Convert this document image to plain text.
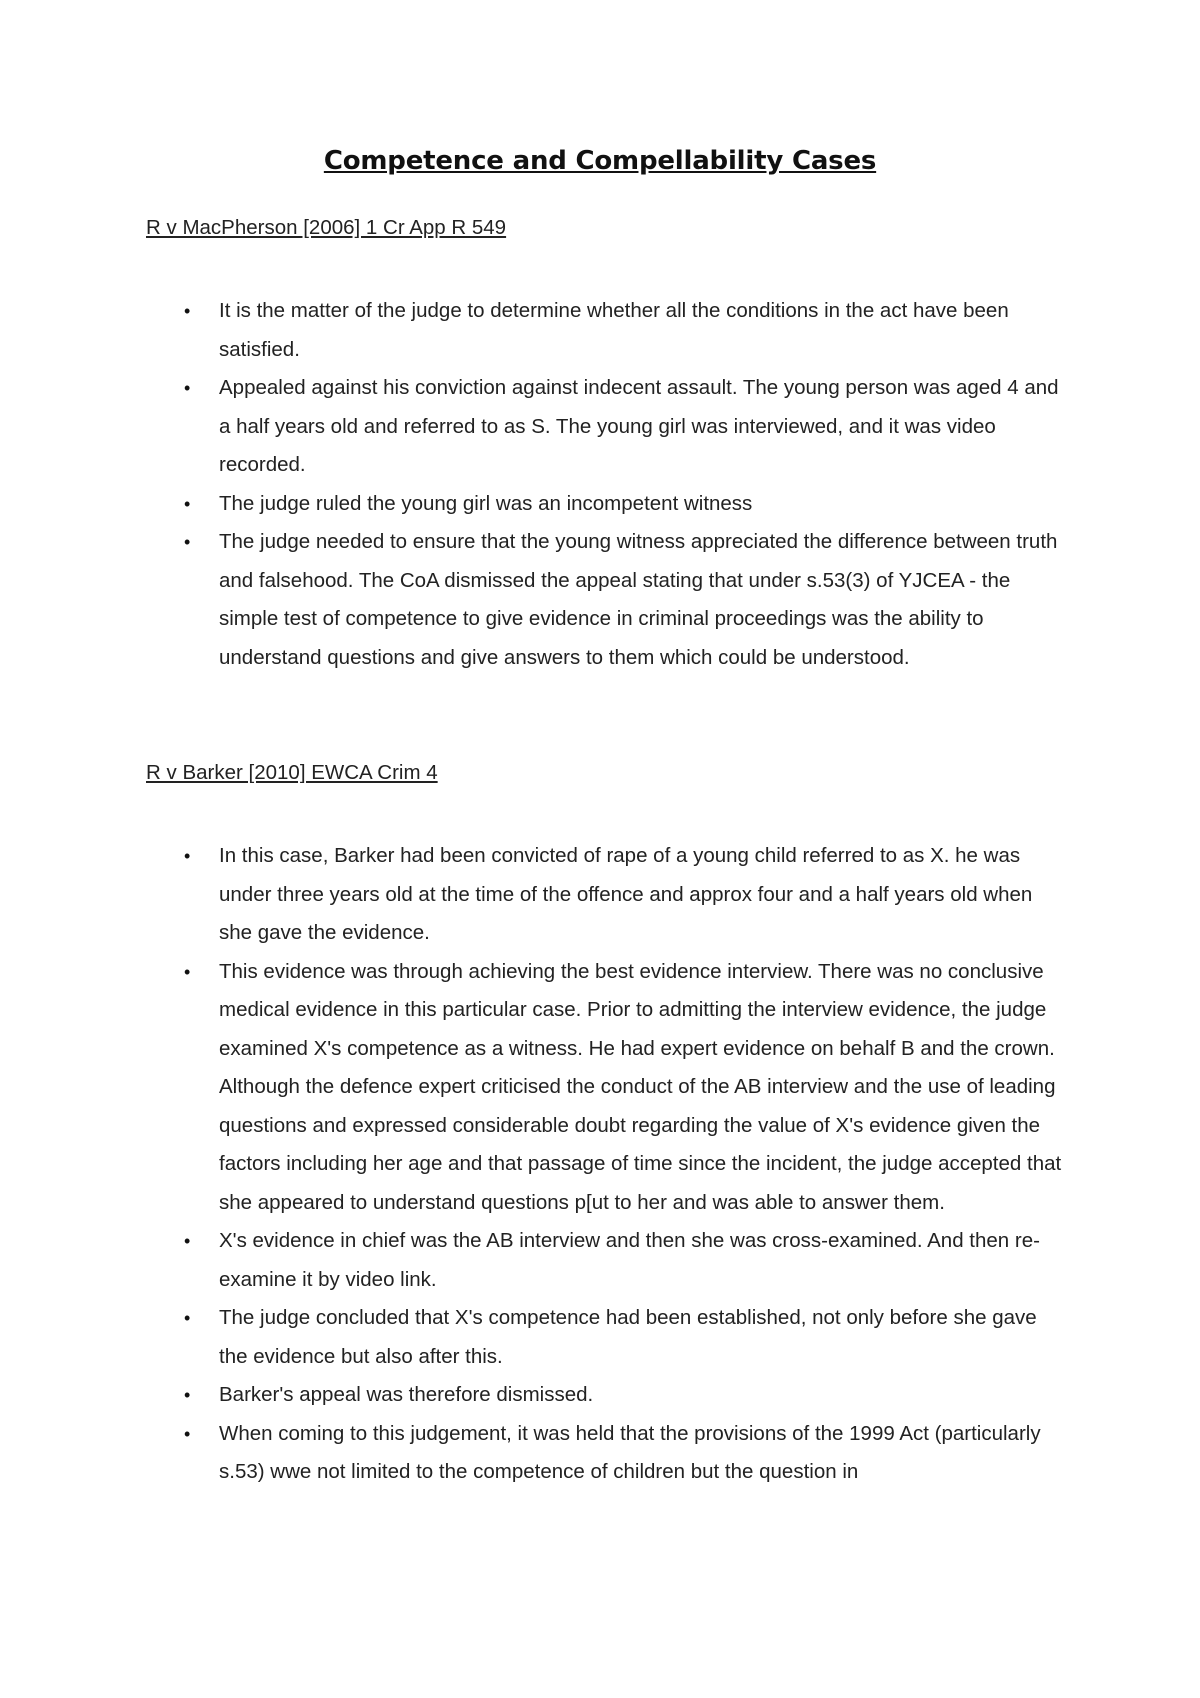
Competence and Compellability Cases

R v MacPherson [2006] 1 Cr App R 549

• It is the matter of the judge to determine whether all the conditions in the act have been satisfied.
• Appealed against his conviction against indecent assault. The young person was aged 4 and a half years old and referred to as S. The young girl was interviewed, and it was video recorded.
• The judge ruled the young girl was an incompetent witness
• The judge needed to ensure that the young witness appreciated the difference between truth and falsehood. The CoA dismissed the appeal stating that under s.53(3) of YJCEA - the simple test of competence to give evidence in criminal proceedings was the ability to understand questions and give answers to them which could be understood.

R v Barker [2010] EWCA Crim 4

• In this case, Barker had been convicted of rape of a young child referred to as X. he was under three years old at the time of the offence and approx four and a half years old when she gave the evidence.
• This evidence was through achieving the best evidence interview. There was no conclusive medical evidence in this particular case. Prior to admitting the interview evidence, the judge examined X's competence as a witness. He had expert evidence on behalf B and the crown. Although the defence expert criticised the conduct of the AB interview and the use of leading questions and expressed considerable doubt regarding the value of X's evidence given the factors including her age and that passage of time since the incident, the judge accepted that she appeared to understand questions p[ut to her and was able to answer them.
• X's evidence in chief was the AB interview and then she was cross-examined. And then re-examine it by video link.
• The judge concluded that X's competence had been established, not only before she gave the evidence but also after this.
• Barker's appeal was therefore dismissed.
• When coming to this judgement, it was held that the provisions of the 1999 Act (particularly s.53) wwe not limited to the competence of children but the question in
